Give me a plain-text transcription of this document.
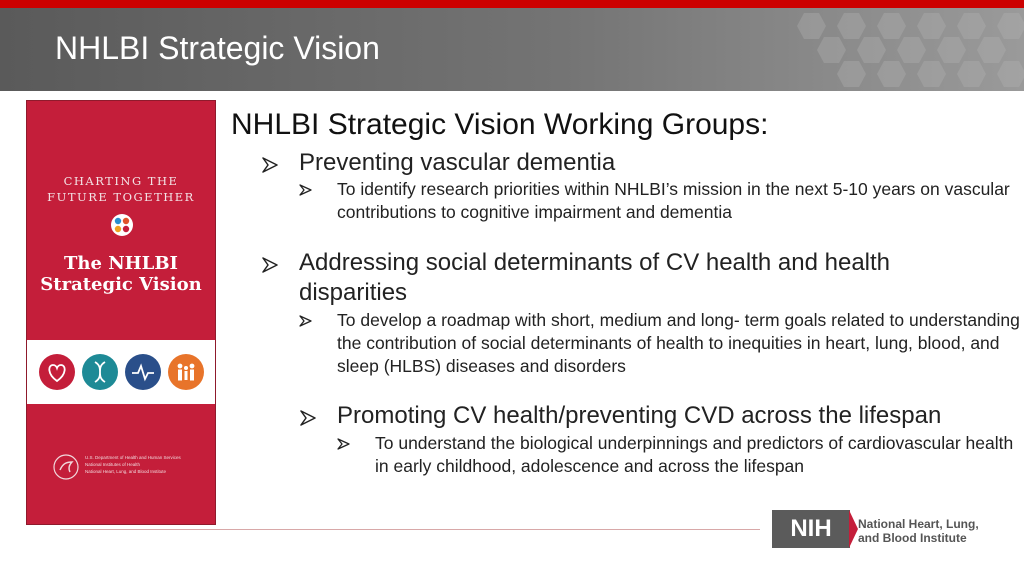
NHLBI Strategic Vision
CHARTING THE
FUTURE TOGETHER
The NHLBI
Strategic Vision
U.S. Department of Health and Human Services
National Institutes of Health
National Heart, Lung, and Blood Institute
NHLBI Strategic Vision Working Groups:
Preventing vascular dementia
To identify research priorities within NHLBI’s mission in the next 5-10 years on vascular contributions to cognitive impairment and dementia
Addressing social determinants of CV health and health disparities
To develop a roadmap with short, medium and long- term goals related to understanding the contribution of social determinants of health to inequities in heart, lung, blood, and sleep (HLBS) diseases and disorders
Promoting CV health/preventing CVD across the lifespan
To understand the biological underpinnings and predictors of cardiovascular health in early childhood, adolescence and across the lifespan
NIH	National Heart, Lung,
and Blood Institute
